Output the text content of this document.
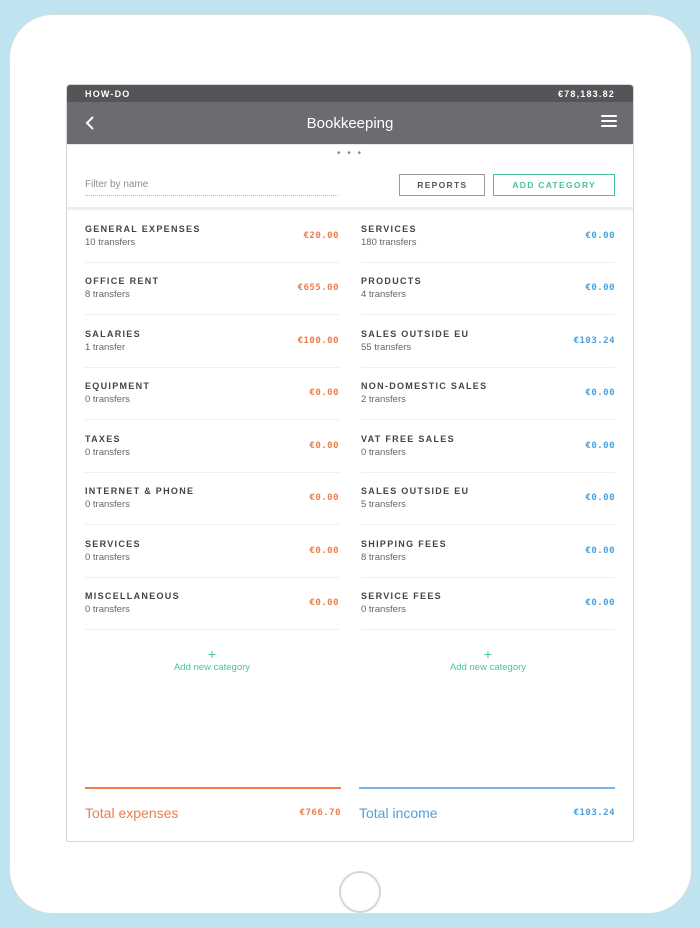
HOW-DO	€78,183.82
Bookkeeping
• • •
Filter by name
REPORTS	ADD CATEGORY
GENERAL EXPENSES
10 transfers
€20.00
OFFICE RENT
8 transfers
€655.00
SALARIES
1 transfer
€100.00
EQUIPMENT
0 transfers
€0.00
TAXES
0 transfers
€0.00
INTERNET & PHONE
0 transfers
€0.00
SERVICES
0 transfers
€0.00
MISCELLANEOUS
0 transfers
€0.00
+
Add new category
SERVICES
180 transfers
€0.00
PRODUCTS
4 transfers
€0.00
SALES OUTSIDE EU
55 transfers
€103.24
NON-DOMESTIC SALES
2 transfers
€0.00
VAT FREE SALES
0 transfers
€0.00
SALES OUTSIDE EU
5 transfers
€0.00
SHIPPING FEES
8 transfers
€0.00
SERVICE FEES
0 transfers
€0.00
+
Add new category
Total expenses	€766.70 Total income	€103.24
